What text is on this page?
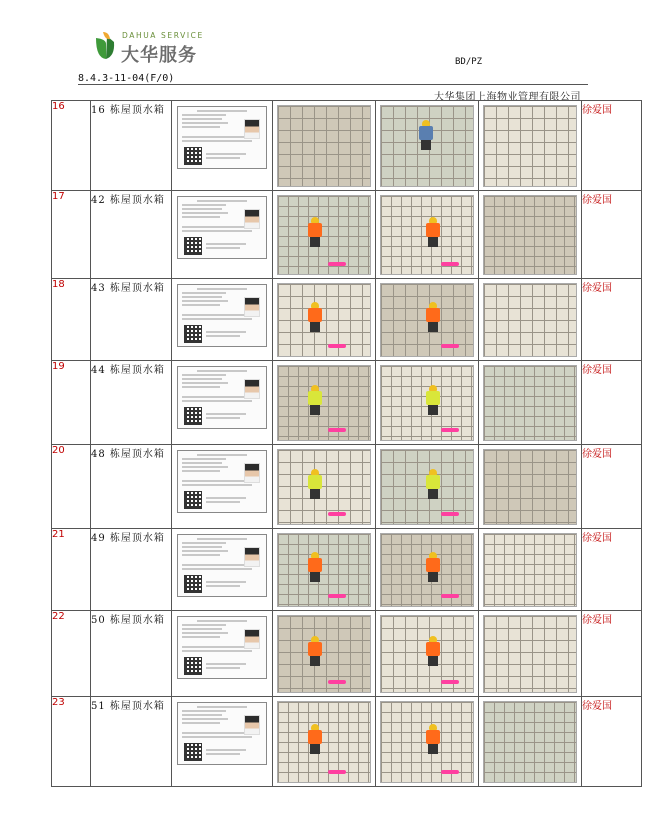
DAHUA SERVICE
大华服务	BD/PZ
8.4.3-11-04(F/0)
大华集团上海物业管理有限公司
16	16 栋屋顶水箱					徐爱国
17	42 栋屋顶水箱					徐爱国
18	43 栋屋顶水箱					徐爱国
19	44 栋屋顶水箱					徐爱国
20	48 栋屋顶水箱					徐爱国
21	49 栋屋顶水箱					徐爱国
22	50 栋屋顶水箱					徐爱国
23	51 栋屋顶水箱					徐爱国
